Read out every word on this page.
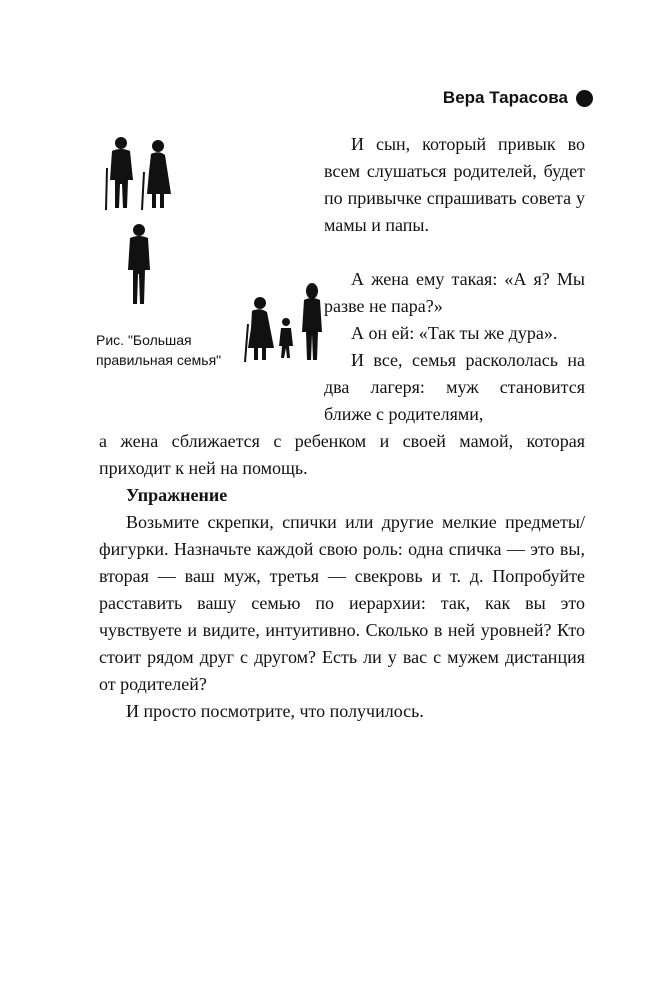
Вера Тарасова
Рис. "Большая правильная семья"
И сын, который привык во всем слушаться родителей, будет по привычке спрашивать совета у мамы и папы.
А жена ему такая: «А я? Мы разве не пара?»
А он ей: «Так ты же дура».
И все, семья раскололась на два лагеря: муж становится ближе с родителями,
а жена сближается с ребенком и своей мамой, которая приходит к ней на помощь.
Упражнение
Возьмите скрепки, спички или другие мелкие предметы/фигурки. Назначьте каждой свою роль: одна спичка — это вы, вторая — ваш муж, третья — свекровь и т. д. Попробуйте расставить вашу семью по иерархии: так, как вы это чувствуете и видите, интуитивно. Сколько в ней уровней? Кто стоит рядом друг с другом? Есть ли у вас с мужем дистанция от родителей?
И просто посмотрите, что получилось.
